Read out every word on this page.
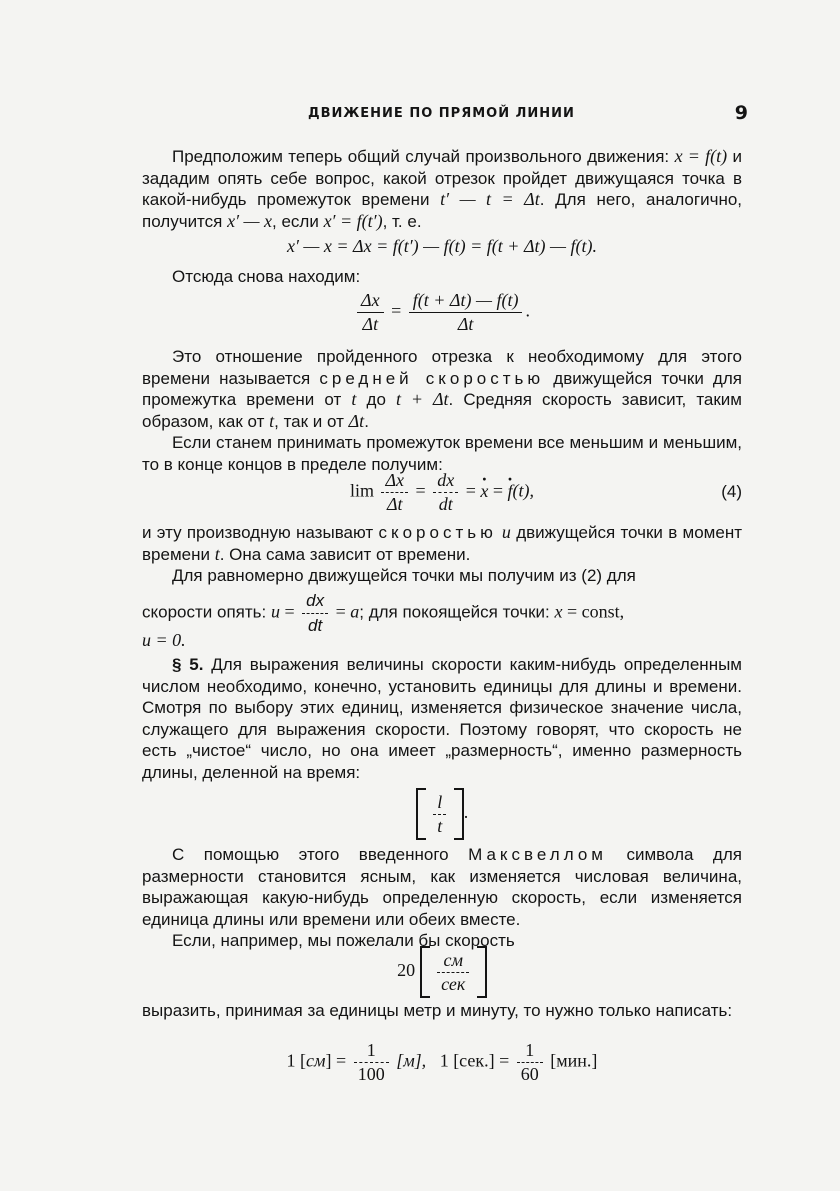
ДВИЖЕНИЕ ПО ПРЯМОЙ ЛИНИИ	9

Предположим теперь общий случай произвольного движения: x = f(t) и зададим опять себе вопрос, какой отрезок пройдет движущаяся точка в какой-нибудь промежуток времени t′ — t = Δt. Для него, аналогично, получится x′ — x, если x′ = f(t′), т. е.

x′ — x = Δx = f(t′) — f(t) = f(t + Δt) — f(t).

Отсюда снова находим:

$\frac{\Delta x}{\Delta t} = \frac{f(t + \Delta t) — f(t)}{\Delta t}$ .

Это отношение пройденного отрезка к необходимому для этого времени называется средней скоростью движущейся точки для промежутка времени от t до t + Δt. Средняя скорость зависит, таким образом, как от t, так и от Δt.

Если станем принимать промежуток времени все меньшим и меньшим, то в конце концов в пределе получим:

$\lim \frac{\Delta x}{\Delta t} = \frac{dx}{dt}$ = · x = · f(t),	(4)

и эту производную называют скоростью u движущейся точки в момент времени t. Она сама зависит от времени.

Для равномерно движущейся точки мы получим из (2) для

скорости опять: $u = \frac{dx}{dt} = a$; для покоящейся точки: x = const,

u = 0.

§ 5. Для выражения величины скорости каким-нибудь определенным числом необходимо, конечно, установить единицы для длины и времени. Смотря по выбору этих единиц, изменяется физическое значение числа, служащего для выражения скорости. Поэтому говорят, что скорость не есть „чистое“ число, но она имеет „размерность“, именно размерность длины, деленной на время:

$\frac{l}{t}$ .

С помощью этого введенного Максвеллом символа для размерности становится ясным, как изменяется числовая величина, выражающая какую-нибудь определенную скорость, если изменяется единица длины или времени или обеих вместе.

Если, например, мы пожелали бы скорость

$20 \frac{см}{\text{сек}}$

выразить, принимая за единицы метр и минуту, то нужно только написать:

1 $[см] = \frac{1}{100} [м]$, 1 $[сек.] = \frac{1}{60} [мин.]$
